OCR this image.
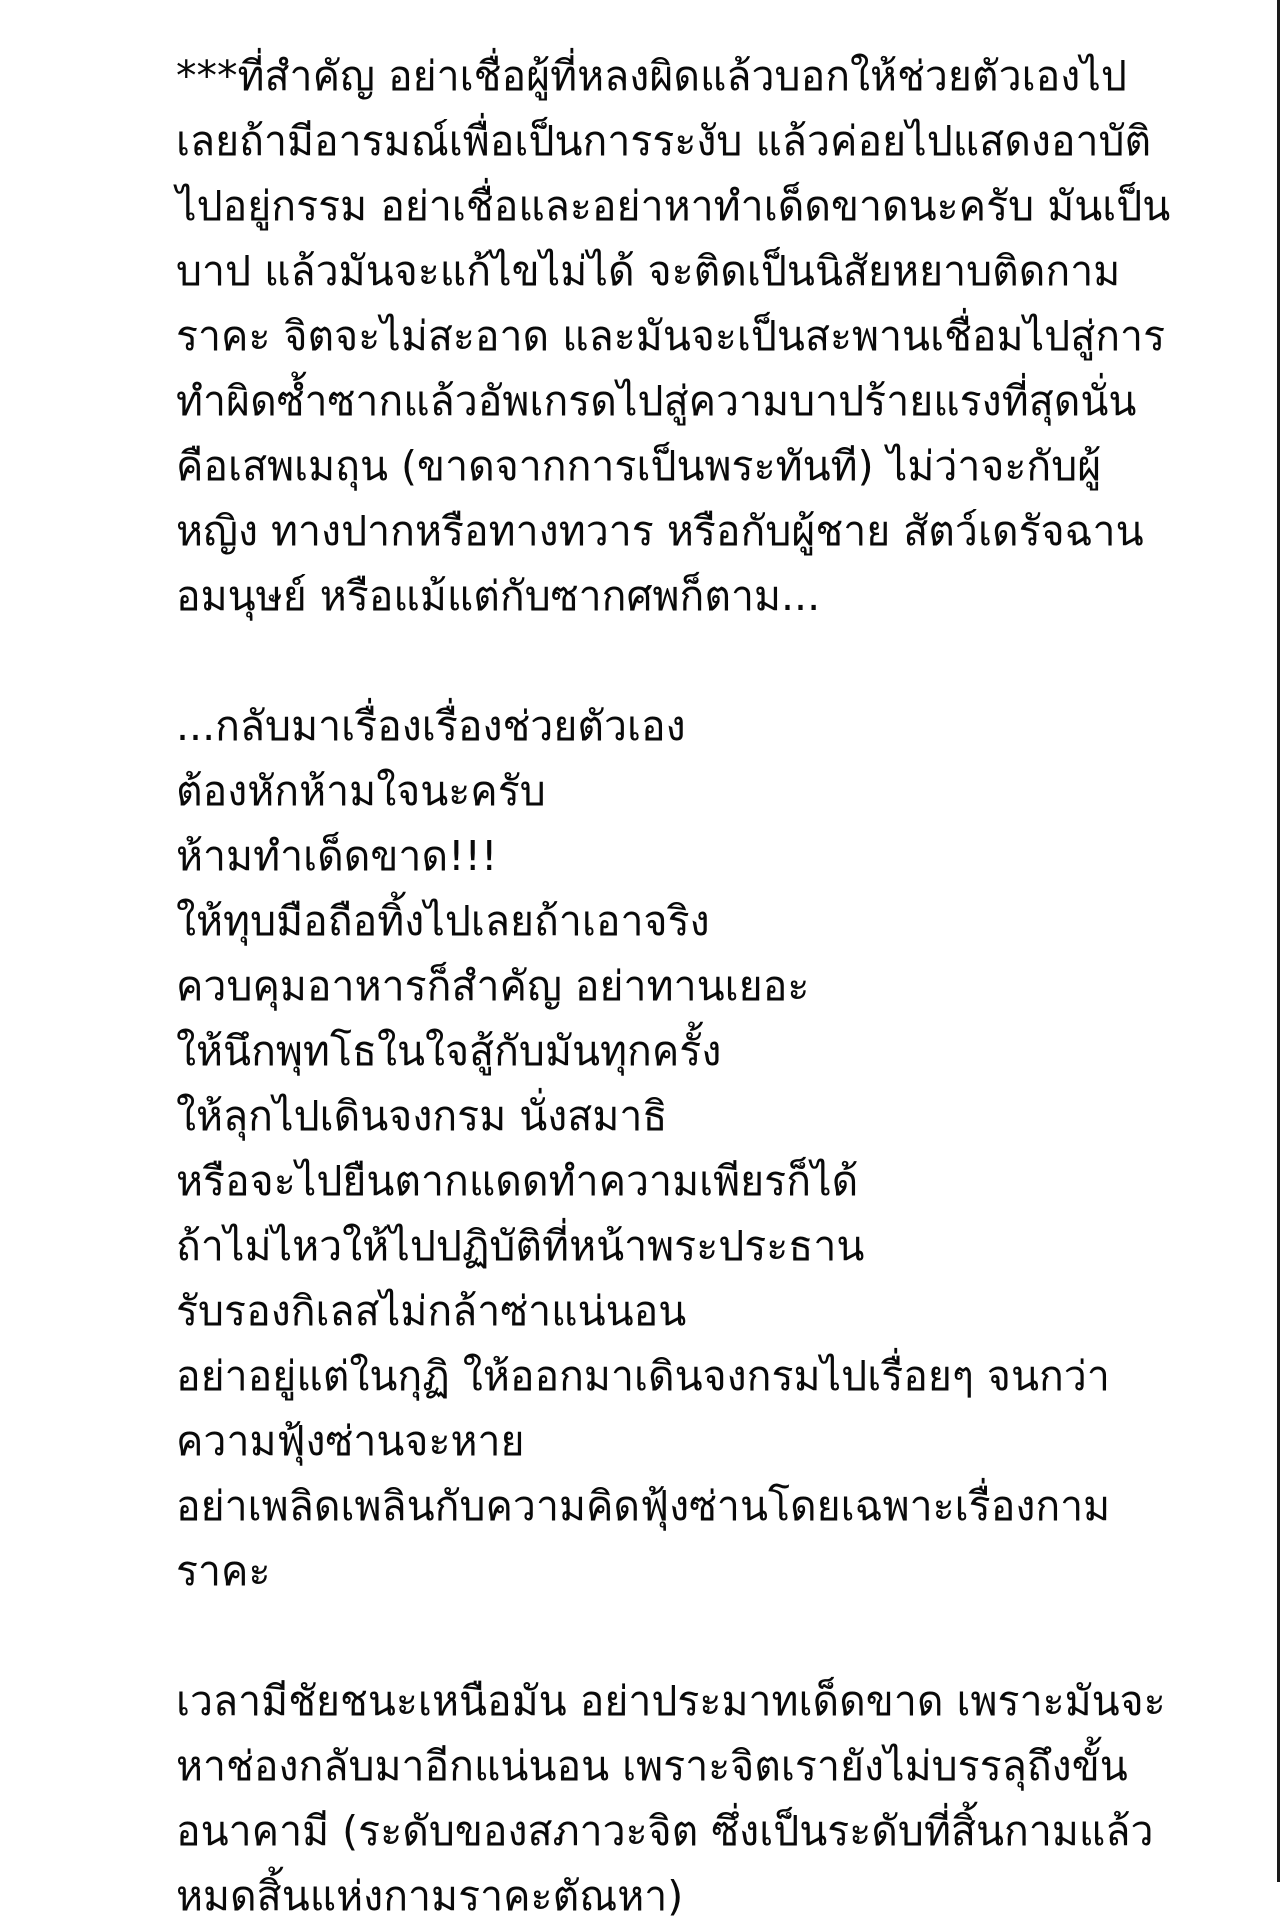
***ที่สำคัญ อย่าเชื่อผู้ที่หลงผิดแล้วบอกให้ช่วยตัวเองไป
เลยถ้ามีอารมณ์เพื่อเป็นการระงับ แล้วค่อยไปแสดงอาบัติ
ไปอยู่กรรม อย่าเชื่อและอย่าหาทำเด็ดขาดนะครับ มันเป็น
บาป แล้วมันจะแก้ไขไม่ได้ จะติดเป็นนิสัยหยาบติดกาม
ราคะ จิตจะไม่สะอาด และมันจะเป็นสะพานเชื่อมไปสู่การ
ทำผิดซ้ำซากแล้วอัพเกรดไปสู่ความบาปร้ายแรงที่สุดนั่น
คือเสพเมถุน (ขาดจากการเป็นพระทันที) ไม่ว่าจะกับผู้
หญิง ทางปากหรือทางทวาร หรือกับผู้ชาย สัตว์เดรัจฉาน
อมนุษย์ หรือแม้แต่กับซากศพก็ตาม...
...กลับมาเรื่องเรื่องช่วยตัวเอง
ต้องหักห้ามใจนะครับ
ห้ามทำเด็ดขาด!!!
ให้ทุบมือถือทิ้งไปเลยถ้าเอาจริง
ควบคุมอาหารก็สำคัญ อย่าทานเยอะ
ให้นึกพุทโธในใจสู้กับมันทุกครั้ง
ให้ลุกไปเดินจงกรม นั่งสมาธิ
หรือจะไปยืนตากแดดทำความเพียรก็ได้
ถ้าไม่ไหวให้ไปปฏิบัติที่หน้าพระประธาน
รับรองกิเลสไม่กล้าซ่าแน่นอน
อย่าอยู่แต่ในกุฏิ ให้ออกมาเดินจงกรมไปเรื่อยๆ จนกว่า
ความฟุ้งซ่านจะหาย
อย่าเพลิดเพลินกับความคิดฟุ้งซ่านโดยเฉพาะเรื่องกาม
ราคะ
เวลามีชัยชนะเหนือมัน อย่าประมาทเด็ดขาด เพราะมันจะ
หาช่องกลับมาอีกแน่นอน เพราะจิตเรายังไม่บรรลุถึงขั้น
อนาคามี (ระดับของสภาวะจิต ซึ่งเป็นระดับที่สิ้นกามแล้ว
หมดสิ้นแห่งกามราคะตัณหา)
